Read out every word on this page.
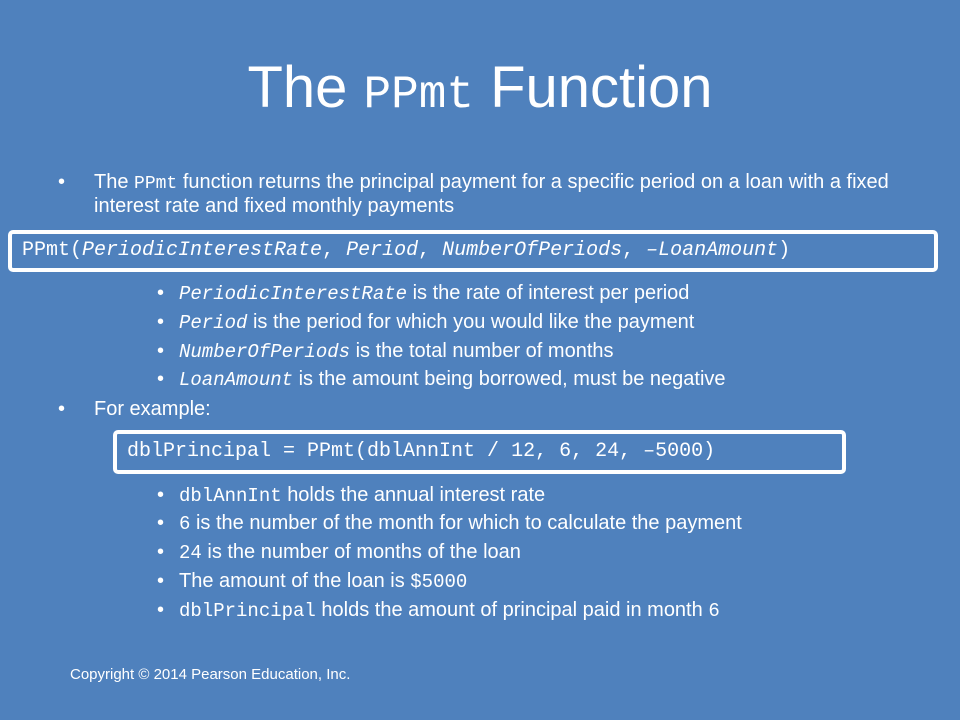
The PPmt Function
• The PPmt function returns the principal payment for a specific period on a loan with a fixed interest rate and fixed monthly payments
PPmt(PeriodicInterestRate, Period, NumberOfPeriods, –LoanAmount)
• PeriodicInterestRate is the rate of interest per period
• Period is the period for which you would like the payment
• NumberOfPeriods is the total number of months
• LoanAmount is the amount being borrowed, must be negative
• For example:
dblPrincipal = PPmt(dblAnnInt / 12, 6, 24, –5000)
• dblAnnInt holds the annual interest rate
• 6 is the number of the month for which to calculate the payment
• 24 is the number of months of the loan
• The amount of the loan is $5000
• dblPrincipal holds the amount of principal paid in month 6
Copyright © 2014 Pearson Education, Inc.
